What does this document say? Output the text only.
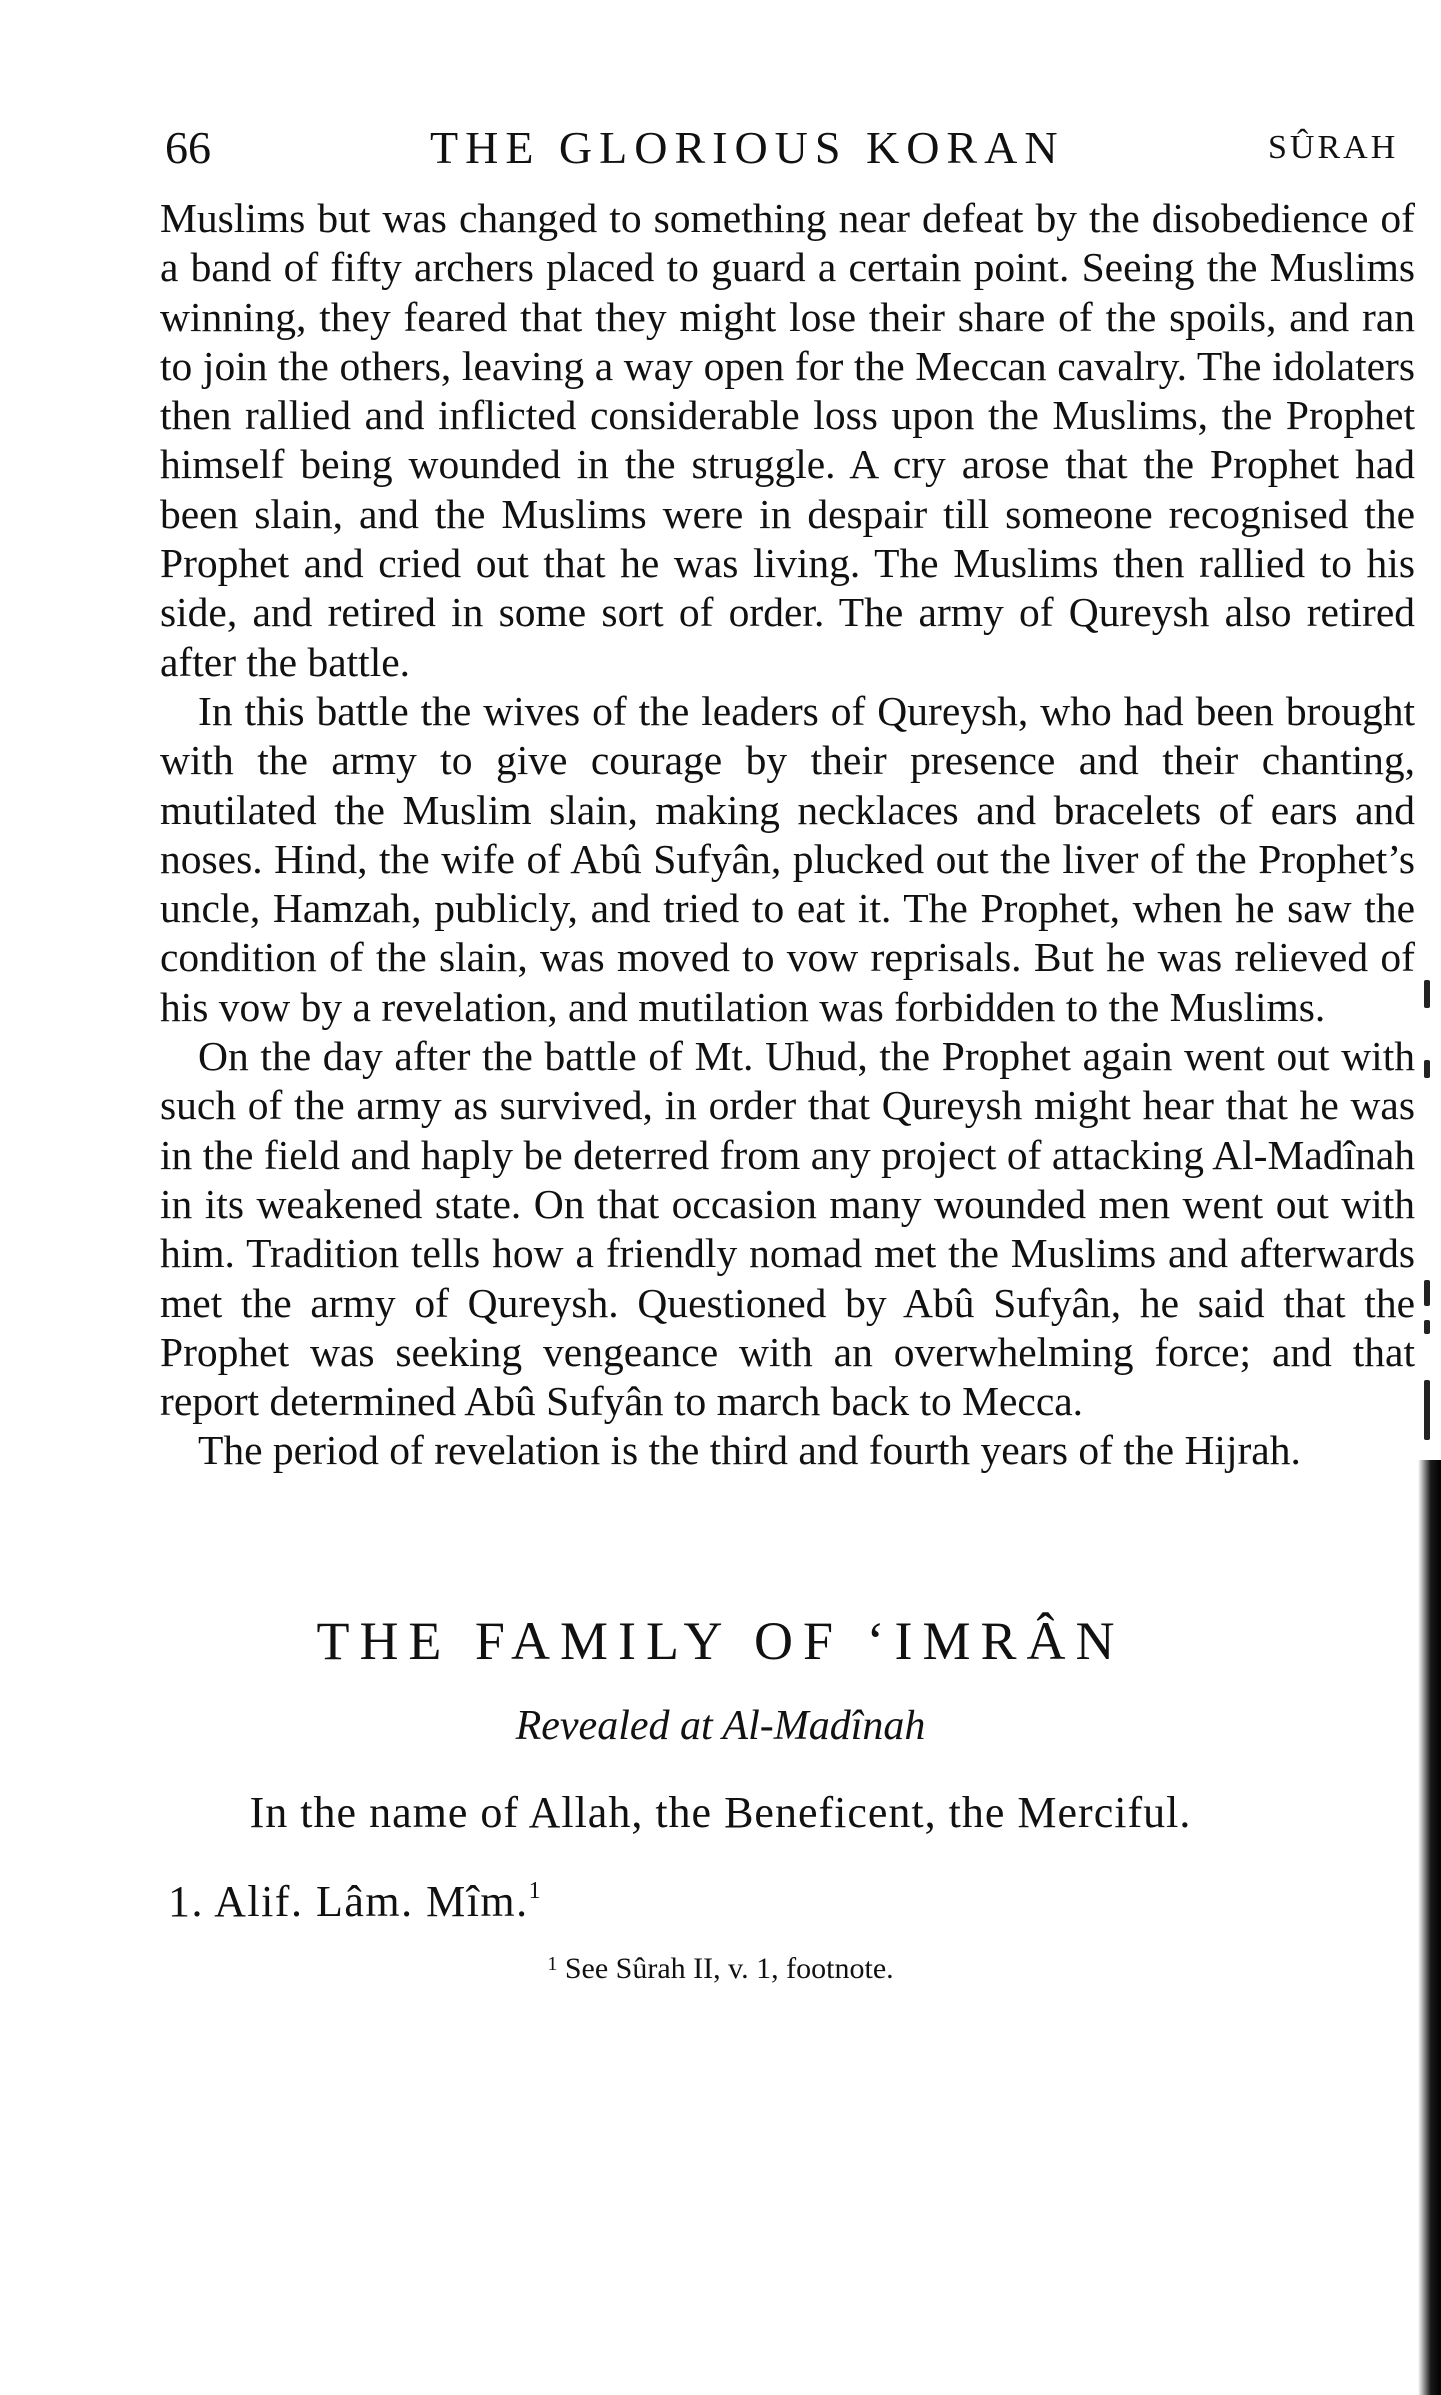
66	THE GLORIOUS KORAN	SÛRAH

Muslims but was changed to something near defeat by the disobedience of a band of fifty archers placed to guard a certain point. Seeing the Muslims winning, they feared that they might lose their share of the spoils, and ran to join the others, leaving a way open for the Meccan cavalry. The idolaters then rallied and inflicted considerable loss upon the Muslims, the Prophet himself being wounded in the struggle. A cry arose that the Prophet had been slain, and the Muslims were in despair till someone recognised the Prophet and cried out that he was living. The Muslims then rallied to his side, and retired in some sort of order. The army of Qureysh also retired after the battle.

In this battle the wives of the leaders of Qureysh, who had been brought with the army to give courage by their presence and their chanting, mutilated the Muslim slain, making necklaces and bracelets of ears and noses. Hind, the wife of Abû Sufyân, plucked out the liver of the Prophet’s uncle, Hamzah, publicly, and tried to eat it. The Prophet, when he saw the condition of the slain, was moved to vow reprisals. But he was relieved of his vow by a revelation, and mutilation was forbidden to the Muslims.

On the day after the battle of Mt. Uhud, the Prophet again went out with such of the army as survived, in order that Qureysh might hear that he was in the field and haply be deterred from any project of attacking Al-Madînah in its weakened state. On that occasion many wounded men went out with him. Tradition tells how a friendly nomad met the Muslims and afterwards met the army of Qureysh. Questioned by Abû Sufyân, he said that the Prophet was seeking vengeance with an overwhelming force; and that report determined Abû Sufyân to march back to Mecca.

The period of revelation is the third and fourth years of the Hijrah.

THE FAMILY OF ‘IMRÂN
Revealed at Al-Madînah
In the name of Allah, the Beneficent, the Merciful.
1. Alif. Lâm. Mîm.$^1$
$^1$ See Sûrah II, v. 1, footnote.
